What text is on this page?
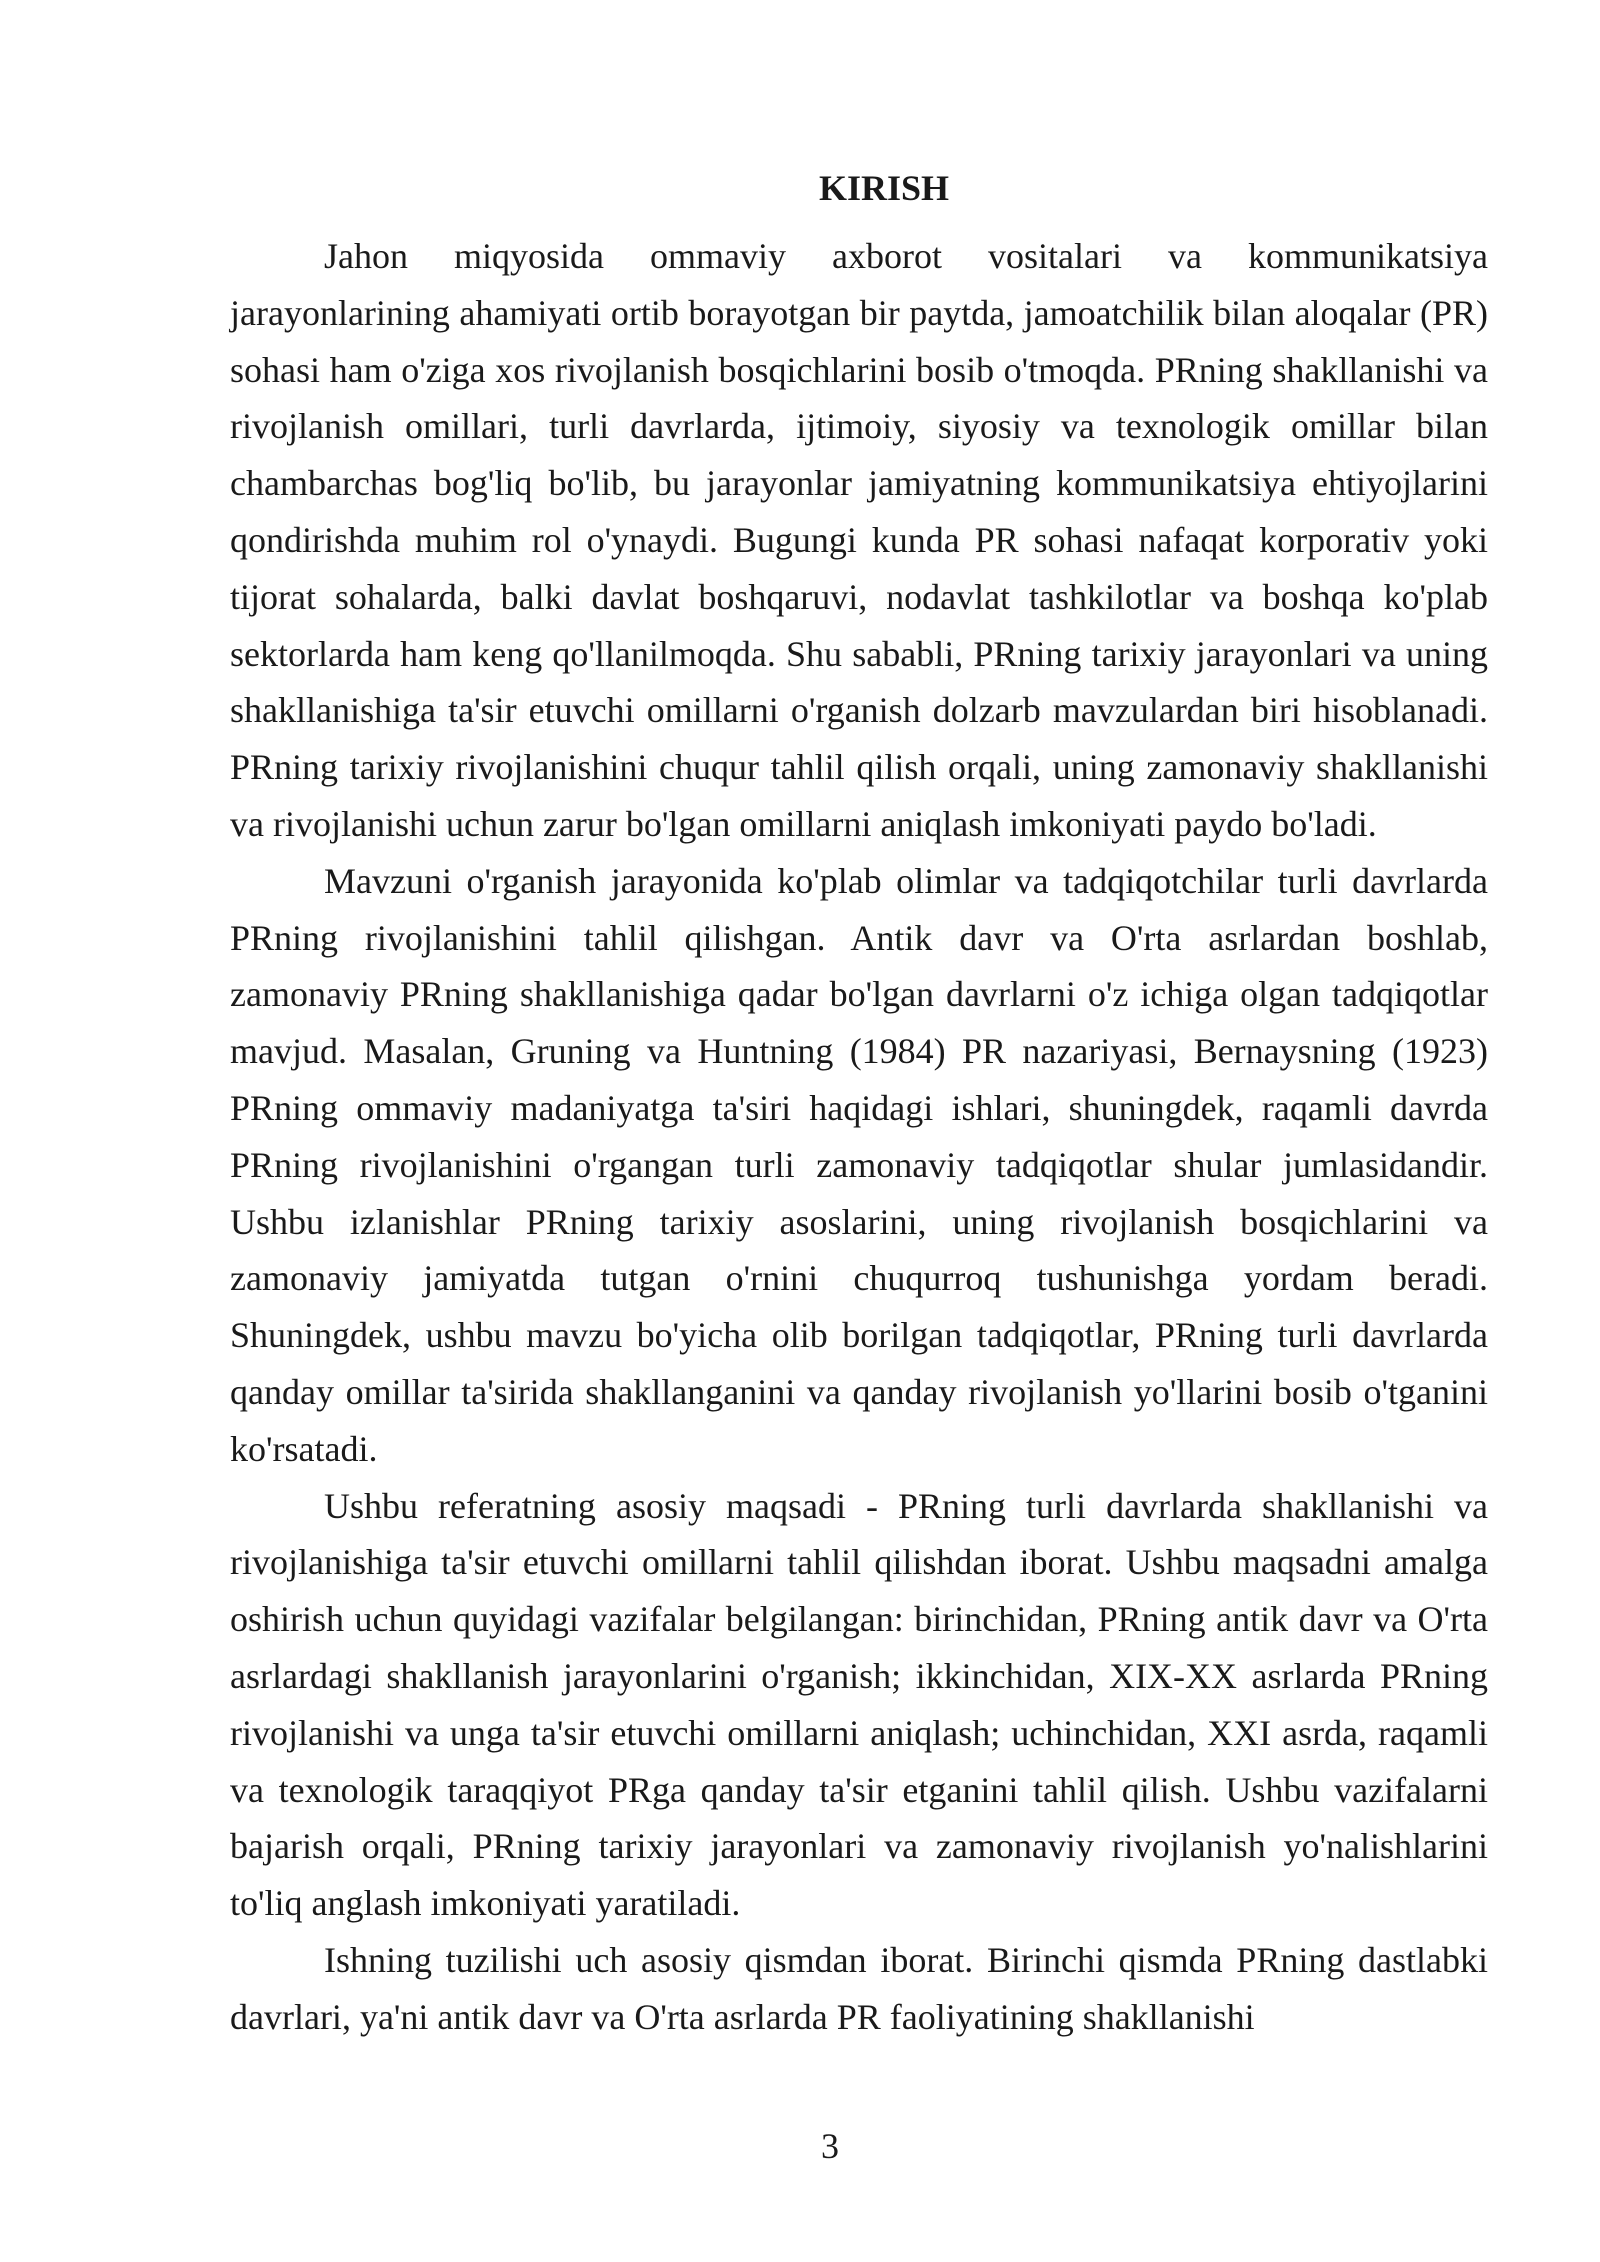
KIRISH

Jahon miqyosida ommaviy axborot vositalari va kommunikatsiya jarayonlarining ahamiyati ortib borayotgan bir paytda, jamoatchilik bilan aloqalar (PR) sohasi ham o'ziga xos rivojlanish bosqichlarini bosib o'tmoqda. PRning shakllanishi va rivojlanish omillari, turli davrlarda, ijtimoiy, siyosiy va texnologik omillar bilan chambarchas bog'liq bo'lib, bu jarayonlar jamiyatning kommunikatsiya ehtiyojlarini qondirishda muhim rol o'ynaydi. Bugungi kunda PR sohasi nafaqat korporativ yoki tijorat sohalarda, balki davlat boshqaruvi, nodavlat tashkilotlar va boshqa ko'plab sektorlarda ham keng qo'llanilmoqda. Shu sababli, PRning tarixiy jarayonlari va uning shakllanishiga ta'sir etuvchi omillarni o'rganish dolzarb mavzulardan biri hisoblanadi. PRning tarixiy rivojlanishini chuqur tahlil qilish orqali, uning zamonaviy shakllanishi va rivojlanishi uchun zarur bo'lgan omillarni aniqlash imkoniyati paydo bo'ladi.

Mavzuni o'rganish jarayonida ko'plab olimlar va tadqiqotchilar turli davrlarda PRning rivojlanishini tahlil qilishgan. Antik davr va O'rta asrlardan boshlab, zamonaviy PRning shakllanishiga qadar bo'lgan davrlarni o'z ichiga olgan tadqiqotlar mavjud. Masalan, Gruning va Huntning (1984) PR nazariyasi, Bernaysning (1923) PRning ommaviy madaniyatga ta'siri haqidagi ishlari, shuningdek, raqamli davrda PRning rivojlanishini o'rgangan turli zamonaviy tadqiqotlar shular jumlasidandir. Ushbu izlanishlar PRning tarixiy asoslarini, uning rivojlanish bosqichlarini va zamonaviy jamiyatda tutgan o'rnini chuqurroq tushunishga yordam beradi. Shuningdek, ushbu mavzu bo'yicha olib borilgan tadqiqotlar, PRning turli davrlarda qanday omillar ta'sirida shakllanganini va qanday rivojlanish yo'llarini bosib o'tganini ko'rsatadi.

Ushbu referatning asosiy maqsadi - PRning turli davrlarda shakllanishi va rivojlanishiga ta'sir etuvchi omillarni tahlil qilishdan iborat. Ushbu maqsadni amalga oshirish uchun quyidagi vazifalar belgilangan: birinchidan, PRning antik davr va O'rta asrlardagi shakllanish jarayonlarini o'rganish; ikkinchidan, XIX-XX asrlarda PRning rivojlanishi va unga ta'sir etuvchi omillarni aniqlash; uchinchidan, XXI asrda, raqamli va texnologik taraqqiyot PRga qanday ta'sir etganini tahlil qilish. Ushbu vazifalarni bajarish orqali, PRning tarixiy jarayonlari va zamonaviy rivojlanish yo'nalishlarini to'liq anglash imkoniyati yaratiladi.

Ishning tuzilishi uch asosiy qismdan iborat. Birinchi qismda PRning dastlabki davrlari, ya'ni antik davr va O'rta asrlarda PR faoliyatining shakllanishi

3
